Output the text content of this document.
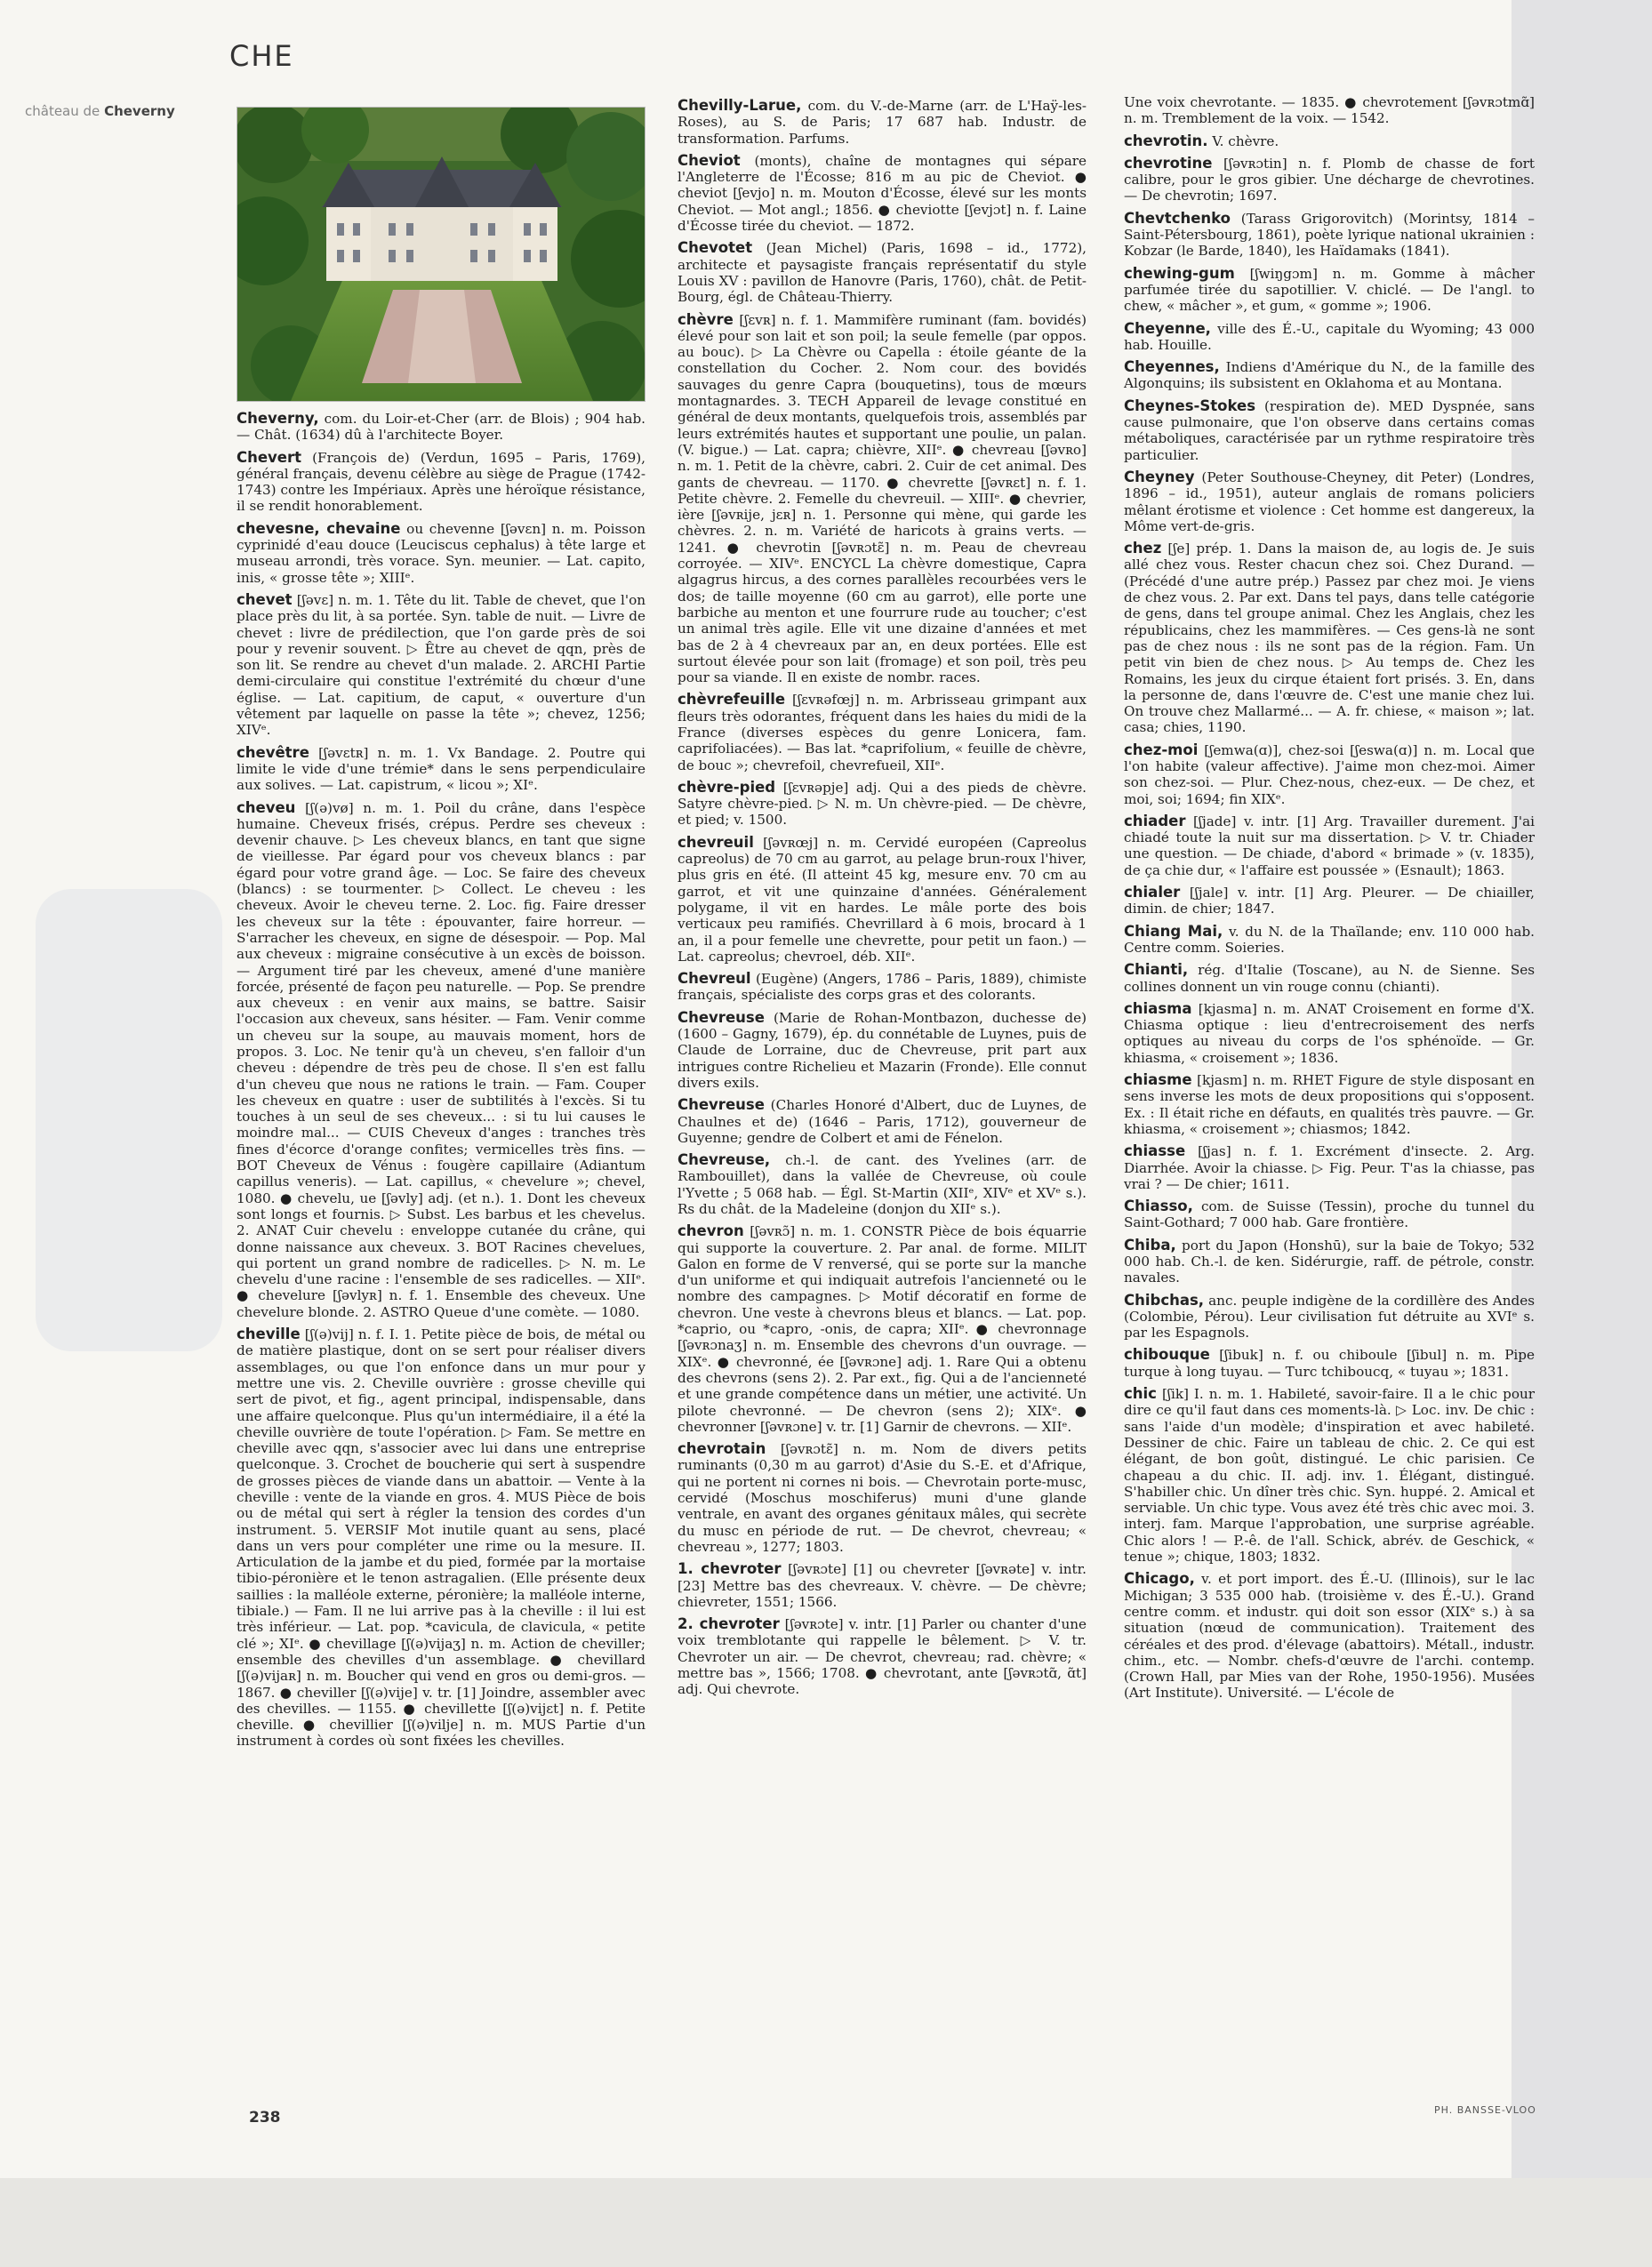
CHE
château de Cheverny

Cheverny, com. du Loir-et-Cher (arr. de Blois) ; 904 hab. — Chât. (1634) dû à l'architecte Boyer.

Chevert (François de) (Verdun, 1695 – Paris, 1769), général français, devenu célèbre au siège de Prague (1742-1743) contre les Impériaux. Après une héroïque résistance, il se rendit honorablement.

chevesne, chevaine ou chevenne [ʃəvɛn] n. m. Poisson cyprinidé d'eau douce (Leuciscus cephalus) à tête large et museau arrondi, très vorace. Syn. meunier. — Lat. capito, inis, « grosse tête »; XIIIᵉ.

chevet [ʃəvɛ] n. m. 1. Tête du lit. Table de chevet, que l'on place près du lit, à sa portée. Syn. table de nuit. — Livre de chevet : livre de prédilection, que l'on garde près de soi pour y revenir souvent. ▷ Être au chevet de qqn, près de son lit. Se rendre au chevet d'un malade. 2. ARCHI Partie demi-circulaire qui constitue l'extrémité du chœur d'une église. — Lat. capitium, de caput, « ouverture d'un vêtement par laquelle on passe la tête »; chevez, 1256; XIVᵉ.

chevêtre [ʃəvɛtʀ] n. m. 1. Vx Bandage. 2. Poutre qui limite le vide d'une trémie* dans le sens perpendiculaire aux solives. — Lat. capistrum, « licou »; XIᵉ.

cheveu [ʃ(ə)vø] n. m. 1. Poil du crâne, dans l'espèce humaine. Cheveux frisés, crépus. Perdre ses cheveux : devenir chauve. ▷ Les cheveux blancs, en tant que signe de vieillesse. Par égard pour vos cheveux blancs : par égard pour votre grand âge. — Loc. Se faire des cheveux (blancs) : se tourmenter. ▷ Collect. Le cheveu : les cheveux. Avoir le cheveu terne. 2. Loc. fig. Faire dresser les cheveux sur la tête : épouvanter, faire horreur. — S'arracher les cheveux, en signe de désespoir. — Pop. Mal aux cheveux : migraine consécutive à un excès de boisson. — Argument tiré par les cheveux, amené d'une manière forcée, présenté de façon peu naturelle. — Pop. Se prendre aux cheveux : en venir aux mains, se battre. Saisir l'occasion aux cheveux, sans hésiter. — Fam. Venir comme un cheveu sur la soupe, au mauvais moment, hors de propos. 3. Loc. Ne tenir qu'à un cheveu, s'en falloir d'un cheveu : dépendre de très peu de chose. Il s'en est fallu d'un cheveu que nous ne rations le train. — Fam. Couper les cheveux en quatre : user de subtilités à l'excès. Si tu touches à un seul de ses cheveux... : si tu lui causes le moindre mal... — CUIS Cheveux d'anges : tranches très fines d'écorce d'orange confites; vermicelles très fins. — BOT Cheveux de Vénus : fougère capillaire (Adiantum capillus veneris). — Lat. capillus, « chevelure »; chevel, 1080. ● chevelu, ue [ʃəvly] adj. (et n.). 1. Dont les cheveux sont longs et fournis. ▷ Subst. Les barbus et les chevelus. 2. ANAT Cuir chevelu : enveloppe cutanée du crâne, qui donne naissance aux cheveux. 3. BOT Racines chevelues, qui portent un grand nombre de radicelles. ▷ N. m. Le chevelu d'une racine : l'ensemble de ses radicelles. — XIIᵉ. ● chevelure [ʃəvlyʀ] n. f. 1. Ensemble des cheveux. Une chevelure blonde. 2. ASTRO Queue d'une comète. — 1080.

cheville [ʃ(ə)vij] n. f. I. 1. Petite pièce de bois, de métal ou de matière plastique, dont on se sert pour réaliser divers assemblages, ou que l'on enfonce dans un mur pour y mettre une vis. 2. Cheville ouvrière : grosse cheville qui sert de pivot, et fig., agent principal, indispensable, dans une affaire quelconque. Plus qu'un intermédiaire, il a été la cheville ouvrière de toute l'opération. ▷ Fam. Se mettre en cheville avec qqn, s'associer avec lui dans une entreprise quelconque. 3. Crochet de boucherie qui sert à suspendre de grosses pièces de viande dans un abattoir. — Vente à la cheville : vente de la viande en gros. 4. MUS Pièce de bois ou de métal qui sert à régler la tension des cordes d'un instrument. 5. VERSIF Mot inutile quant au sens, placé dans un vers pour compléter une rime ou la mesure. II. Articulation de la jambe et du pied, formée par la mortaise tibio-péronière et le tenon astragalien. (Elle présente deux saillies : la malléole externe, péronière; la malléole interne, tibiale.) — Fam. Il ne lui arrive pas à la cheville : il lui est très inférieur. — Lat. pop. *cavicula, de clavicula, « petite clé »; XIᵉ. ● chevillage [ʃ(ə)vijaʒ] n. m. Action de cheviller; ensemble des chevilles d'un assemblage. ● chevillard [ʃ(ə)vijaʀ] n. m. Boucher qui vend en gros ou demi-gros. — 1867. ● cheviller [ʃ(ə)vije] v. tr. [1] Joindre, assembler avec des chevilles. — 1155. ● chevillette [ʃ(ə)vijɛt] n. f. Petite cheville. ● chevillier [ʃ(ə)vilje] n. m. MUS Partie d'un instrument à cordes où sont fixées les chevilles.

Chevilly-Larue, com. du V.-de-Marne (arr. de L'Haÿ-les-Roses), au S. de Paris; 17 687 hab. Industr. de transformation. Parfums.

Cheviot (monts), chaîne de montagnes qui sépare l'Angleterre de l'Écosse; 816 m au pic de Cheviot. ● cheviot [ʃevjo] n. m. Mouton d'Écosse, élevé sur les monts Cheviot. — Mot angl.; 1856. ● cheviotte [ʃevjɔt] n. f. Laine d'Écosse tirée du cheviot. — 1872.

Chevotet (Jean Michel) (Paris, 1698 – id., 1772), architecte et paysagiste français représentatif du style Louis XV : pavillon de Hanovre (Paris, 1760), chât. de Petit-Bourg, égl. de Château-Thierry.

chèvre [ʃɛvʀ] n. f. 1. Mammifère ruminant (fam. bovidés) élevé pour son lait et son poil; la seule femelle (par oppos. au bouc). ▷ La Chèvre ou Capella : étoile géante de la constellation du Cocher. 2. Nom cour. des bovidés sauvages du genre Capra (bouquetins), tous de mœurs montagnardes. 3. TECH Appareil de levage constitué en général de deux montants, quelquefois trois, assemblés par leurs extrémités hautes et supportant une poulie, un palan. (V. bigue.) — Lat. capra; chièvre, XIIᵉ. ● chevreau [ʃəvʀo] n. m. 1. Petit de la chèvre, cabri. 2. Cuir de cet animal. Des gants de chevreau. — 1170. ● chevrette [ʃəvʀɛt] n. f. 1. Petite chèvre. 2. Femelle du chevreuil. — XIIIᵉ. ● chevrier, ière [ʃəvʀije, jɛʀ] n. 1. Personne qui mène, qui garde les chèvres. 2. n. m. Variété de haricots à grains verts. — 1241. ● chevrotin [ʃəvʀɔtɛ̃] n. m. Peau de chevreau corroyée. — XIVᵉ. ENCYCL La chèvre domestique, Capra algagrus hircus, a des cornes parallèles recourbées vers le dos; de taille moyenne (60 cm au garrot), elle porte une barbiche au menton et une fourrure rude au toucher; c'est un animal très agile. Elle vit une dizaine d'années et met bas de 2 à 4 chevreaux par an, en deux portées. Elle est surtout élevée pour son lait (fromage) et son poil, très peu pour sa viande. Il en existe de nombr. races.

chèvrefeuille [ʃɛvʀəfœj] n. m. Arbrisseau grimpant aux fleurs très odorantes, fréquent dans les haies du midi de la France (diverses espèces du genre Lonicera, fam. caprifoliacées). — Bas lat. *caprifolium, « feuille de chèvre, de bouc »; chevrefoil, chevrefueil, XIIᵉ.

chèvre-pied [ʃɛvʀəpje] adj. Qui a des pieds de chèvre. Satyre chèvre-pied. ▷ N. m. Un chèvre-pied. — De chèvre, et pied; v. 1500.

chevreuil [ʃəvʀœj] n. m. Cervidé européen (Capreolus capreolus) de 70 cm au garrot, au pelage brun-roux l'hiver, plus gris en été. (Il atteint 45 kg, mesure env. 70 cm au garrot, et vit une quinzaine d'années. Généralement polygame, il vit en hardes. Le mâle porte des bois verticaux peu ramifiés. Chevrillard à 6 mois, brocard à 1 an, il a pour femelle une chevrette, pour petit un faon.) — Lat. capreolus; chevroel, déb. XIIᵉ.

Chevreul (Eugène) (Angers, 1786 – Paris, 1889), chimiste français, spécialiste des corps gras et des colorants.

Chevreuse (Marie de Rohan-Montbazon, duchesse de) (1600 – Gagny, 1679), ép. du connétable de Luynes, puis de Claude de Lorraine, duc de Chevreuse, prit part aux intrigues contre Richelieu et Mazarin (Fronde). Elle connut divers exils.

Chevreuse (Charles Honoré d'Albert, duc de Luynes, de Chaulnes et de) (1646 – Paris, 1712), gouverneur de Guyenne; gendre de Colbert et ami de Fénelon.

Chevreuse, ch.-l. de cant. des Yvelines (arr. de Rambouillet), dans la vallée de Chevreuse, où coule l'Yvette ; 5 068 hab. — Égl. St-Martin (XIIᵉ, XIVᵉ et XVᵉ s.). Rs du chât. de la Madeleine (donjon du XIIᵉ s.).

chevron [ʃəvʀɔ̃] n. m. 1. CONSTR Pièce de bois équarrie qui supporte la couverture. 2. Par anal. de forme. MILIT Galon en forme de V renversé, qui se porte sur la manche d'un uniforme et qui indiquait autrefois l'ancienneté ou le nombre des campagnes. ▷ Motif décoratif en forme de chevron. Une veste à chevrons bleus et blancs. — Lat. pop. *caprio, ou *capro, -onis, de capra; XIIᵉ. ● chevronnage [ʃəvʀɔnaʒ] n. m. Ensemble des chevrons d'un ouvrage. — XIXᵉ. ● chevronné, ée [ʃəvʀɔne] adj. 1. Rare Qui a obtenu des chevrons (sens 2). 2. Par ext., fig. Qui a de l'ancienneté et une grande compétence dans un métier, une activité. Un pilote chevronné. — De chevron (sens 2); XIXᵉ. ● chevronner [ʃəvʀɔne] v. tr. [1] Garnir de chevrons. — XIIᵉ.

chevrotain [ʃəvʀɔtɛ̃] n. m. Nom de divers petits ruminants (0,30 m au garrot) d'Asie du S.-E. et d'Afrique, qui ne portent ni cornes ni bois. — Chevrotain porte-musc, cervidé (Moschus moschiferus) muni d'une glande ventrale, en avant des organes génitaux mâles, qui secrète du musc en période de rut. — De chevrot, chevreau; « chevreau », 1277; 1803.

1. chevroter [ʃəvʀɔte] [1] ou chevreter [ʃəvʀəte] v. intr. [23] Mettre bas des chevreaux. V. chèvre. — De chèvre; chievreter, 1551; 1566.

2. chevroter [ʃəvʀɔte] v. intr. [1] Parler ou chanter d'une voix tremblotante qui rappelle le bêlement. ▷ V. tr. Chevroter un air. — De chevrot, chevreau; rad. chèvre; « mettre bas », 1566; 1708. ● chevrotant, ante [ʃəvʀɔtɑ̃, ɑ̃t] adj. Qui chevrote.

Une voix chevrotante. — 1835. ● chevrotement [ʃəvʀɔtmɑ̃] n. m. Tremblement de la voix. — 1542.

chevrotin. V. chèvre.

chevrotine [ʃəvʀɔtin] n. f. Plomb de chasse de fort calibre, pour le gros gibier. Une décharge de chevrotines. — De chevrotin; 1697.

Chevtchenko (Tarass Grigorovitch) (Morintsy, 1814 – Saint-Pétersbourg, 1861), poète lyrique national ukrainien : Kobzar (le Barde, 1840), les Haïdamaks (1841).

chewing-gum [ʃwiŋgɔm] n. m. Gomme à mâcher parfumée tirée du sapotillier. V. chiclé. — De l'angl. to chew, « mâcher », et gum, « gomme »; 1906.

Cheyenne, ville des É.-U., capitale du Wyoming; 43 000 hab. Houille.

Cheyennes, Indiens d'Amérique du N., de la famille des Algonquins; ils subsistent en Oklahoma et au Montana.

Cheynes-Stokes (respiration de). MED Dyspnée, sans cause pulmonaire, que l'on observe dans certains comas métaboliques, caractérisée par un rythme respiratoire très particulier.

Cheyney (Peter Southouse-Cheyney, dit Peter) (Londres, 1896 – id., 1951), auteur anglais de romans policiers mêlant érotisme et violence : Cet homme est dangereux, la Môme vert-de-gris.

chez [ʃe] prép. 1. Dans la maison de, au logis de. Je suis allé chez vous. Rester chacun chez soi. Chez Durand. — (Précédé d'une autre prép.) Passez par chez moi. Je viens de chez vous. 2. Par ext. Dans tel pays, dans telle catégorie de gens, dans tel groupe animal. Chez les Anglais, chez les républicains, chez les mammifères. — Ces gens-là ne sont pas de chez nous : ils ne sont pas de la région. Fam. Un petit vin bien de chez nous. ▷ Au temps de. Chez les Romains, les jeux du cirque étaient fort prisés. 3. En, dans la personne de, dans l'œuvre de. C'est une manie chez lui. On trouve chez Mallarmé... — A. fr. chiese, « maison »; lat. casa; chies, 1190.

chez-moi [ʃemwa(ɑ)], chez-soi [ʃeswa(ɑ)] n. m. Local que l'on habite (valeur affective). J'aime mon chez-moi. Aimer son chez-soi. — Plur. Chez-nous, chez-eux. — De chez, et moi, soi; 1694; fin XIXᵉ.

chiader [ʃjade] v. intr. [1] Arg. Travailler durement. J'ai chiadé toute la nuit sur ma dissertation. ▷ V. tr. Chiader une question. — De chiade, d'abord « brimade » (v. 1835), de ça chie dur, « l'affaire est poussée » (Esnault); 1863.

chialer [ʃjale] v. intr. [1] Arg. Pleurer. — De chiailler, dimin. de chier; 1847.

Chiang Mai, v. du N. de la Thaïlande; env. 110 000 hab. Centre comm. Soieries.

Chianti, rég. d'Italie (Toscane), au N. de Sienne. Ses collines donnent un vin rouge connu (chianti).

chiasma [kjasma] n. m. ANAT Croisement en forme d'X. Chiasma optique : lieu d'entrecroisement des nerfs optiques au niveau du corps de l'os sphénoïde. — Gr. khiasma, « croisement »; 1836.

chiasme [kjasm] n. m. RHET Figure de style disposant en sens inverse les mots de deux propositions qui s'opposent. Ex. : Il était riche en défauts, en qualités très pauvre. — Gr. khiasma, « croisement »; chiasmos; 1842.

chiasse [ʃjas] n. f. 1. Excrément d'insecte. 2. Arg. Diarrhée. Avoir la chiasse. ▷ Fig. Peur. T'as la chiasse, pas vrai ? — De chier; 1611.

Chiasso, com. de Suisse (Tessin), proche du tunnel du Saint-Gothard; 7 000 hab. Gare frontière.

Chiba, port du Japon (Honshū), sur la baie de Tokyo; 532 000 hab. Ch.-l. de ken. Sidérurgie, raff. de pétrole, constr. navales.

Chibchas, anc. peuple indigène de la cordillère des Andes (Colombie, Pérou). Leur civilisation fut détruite au XVIᵉ s. par les Espagnols.

chibouque [ʃibuk] n. f. ou chiboule [ʃibul] n. m. Pipe turque à long tuyau. — Turc tchiboucq, « tuyau »; 1831.

chic [ʃik] I. n. m. 1. Habileté, savoir-faire. Il a le chic pour dire ce qu'il faut dans ces moments-là. ▷ Loc. inv. De chic : sans l'aide d'un modèle; d'inspiration et avec habileté. Dessiner de chic. Faire un tableau de chic. 2. Ce qui est élégant, de bon goût, distingué. Le chic parisien. Ce chapeau a du chic. II. adj. inv. 1. Élégant, distingué. S'habiller chic. Un dîner très chic. Syn. huppé. 2. Amical et serviable. Un chic type. Vous avez été très chic avec moi. 3. interj. fam. Marque l'approbation, une surprise agréable. Chic alors ! — P.-ê. de l'all. Schick, abrév. de Geschick, « tenue »; chique, 1803; 1832.

Chicago, v. et port import. des É.-U. (Illinois), sur le lac Michigan; 3 535 000 hab. (troisième v. des É.-U.). Grand centre comm. et industr. qui doit son essor (XIXᵉ s.) à sa situation (nœud de communication). Traitement des céréales et des prod. d'élevage (abattoirs). Métall., industr. chim., etc. — Nombr. chefs-d'œuvre de l'archi. contemp. (Crown Hall, par Mies van der Rohe, 1950-1956). Musées (Art Institute). Université. — L'école de

238	PH. BANSSE-VLOO
